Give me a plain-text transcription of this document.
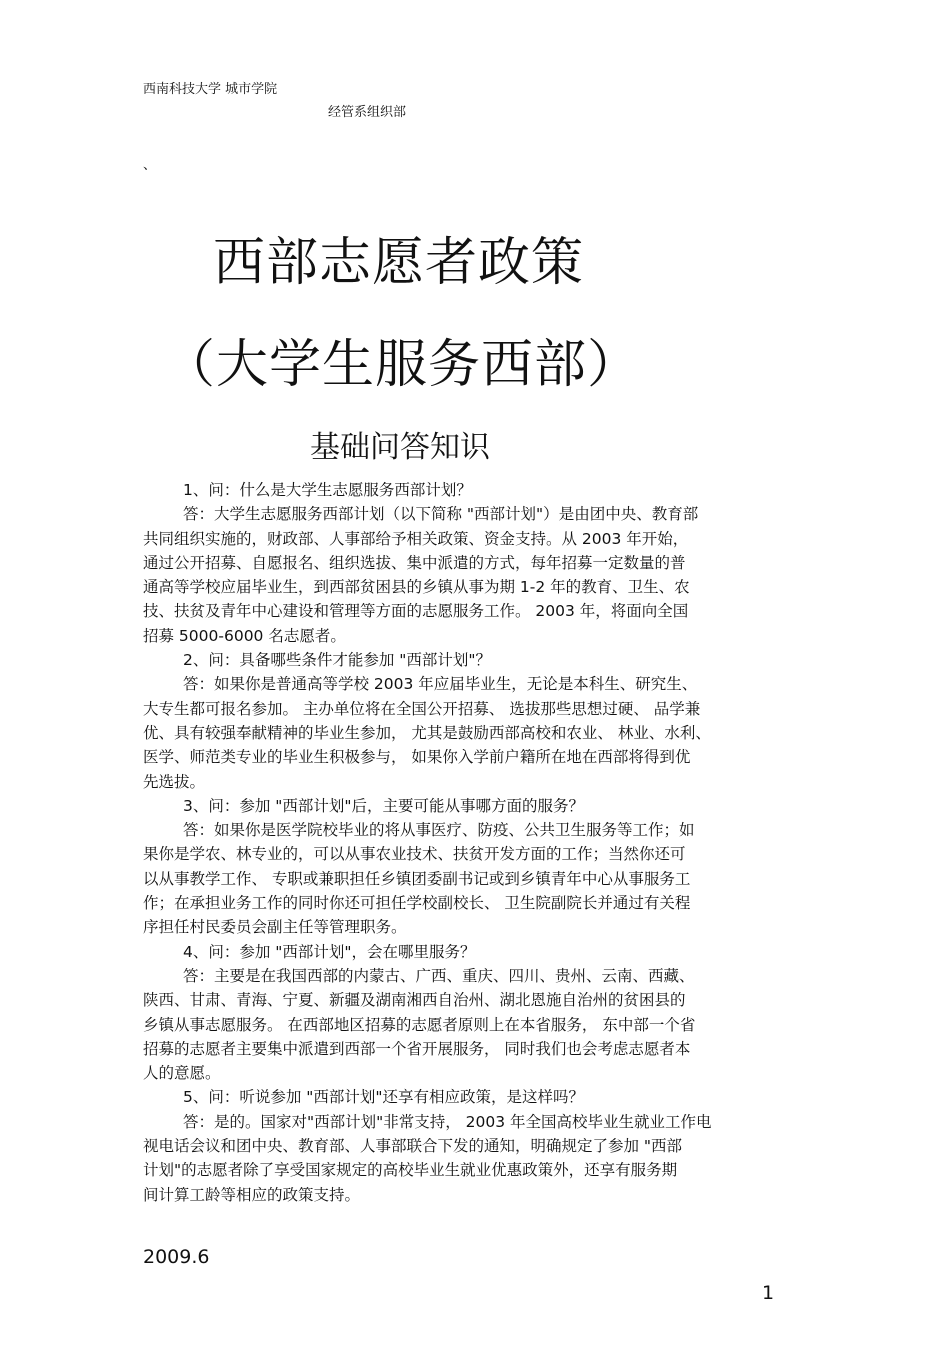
西南科技大学 城市学院
经管系组织部
、
西部志愿者政策
（大学生服务西部）
基础问答知识
1、问：什么是大学生志愿服务西部计划？
答：大学生志愿服务西部计划（以下简称 "西部计划"）是由团中央、教育部
共同组织实施的，财政部、人事部给予相关政策、资金支持。从 2003 年开始，
通过公开招募、自愿报名、组织选拔、集中派遣的方式，每年招募一定数量的普
通高等学校应届毕业生，到西部贫困县的乡镇从事为期 1-2 年的教育、卫生、农
技、扶贫及青年中心建设和管理等方面的志愿服务工作。 2003 年，将面向全国
招募 5000-6000 名志愿者。
2、问：具备哪些条件才能参加 "西部计划"？
答：如果你是普通高等学校 2003 年应届毕业生，无论是本科生、研究生、
大专生都可报名参加。 主办单位将在全国公开招募、 选拔那些思想过硬、 品学兼
优、具有较强奉献精神的毕业生参加， 尤其是鼓励西部高校和农业、 林业、水利、
医学、师范类专业的毕业生积极参与， 如果你入学前户籍所在地在西部将得到优
先选拔。
3、问：参加 "西部计划"后，主要可能从事哪方面的服务？
答：如果你是医学院校毕业的将从事医疗、防疫、公共卫生服务等工作；如
果你是学农、林专业的，可以从事农业技术、扶贫开发方面的工作；当然你还可
以从事教学工作、 专职或兼职担任乡镇团委副书记或到乡镇青年中心从事服务工
作；在承担业务工作的同时你还可担任学校副校长、 卫生院副院长并通过有关程
序担任村民委员会副主任等管理职务。
4、问：参加 "西部计划"，会在哪里服务？
答：主要是在我国西部的内蒙古、广西、重庆、四川、贵州、云南、西藏、
陕西、甘肃、青海、宁夏、新疆及湖南湘西自治州、湖北恩施自治州的贫困县的
乡镇从事志愿服务。 在西部地区招募的志愿者原则上在本省服务， 东中部一个省
招募的志愿者主要集中派遣到西部一个省开展服务， 同时我们也会考虑志愿者本
人的意愿。
5、问：听说参加 "西部计划"还享有相应政策，是这样吗？
答：是的。国家对"西部计划"非常支持， 2003 年全国高校毕业生就业工作电
视电话会议和团中央、教育部、人事部联合下发的通知，明确规定了参加 "西部
计划"的志愿者除了享受国家规定的高校毕业生就业优惠政策外，还享有服务期
间计算工龄等相应的政策支持。
2009.6
1
